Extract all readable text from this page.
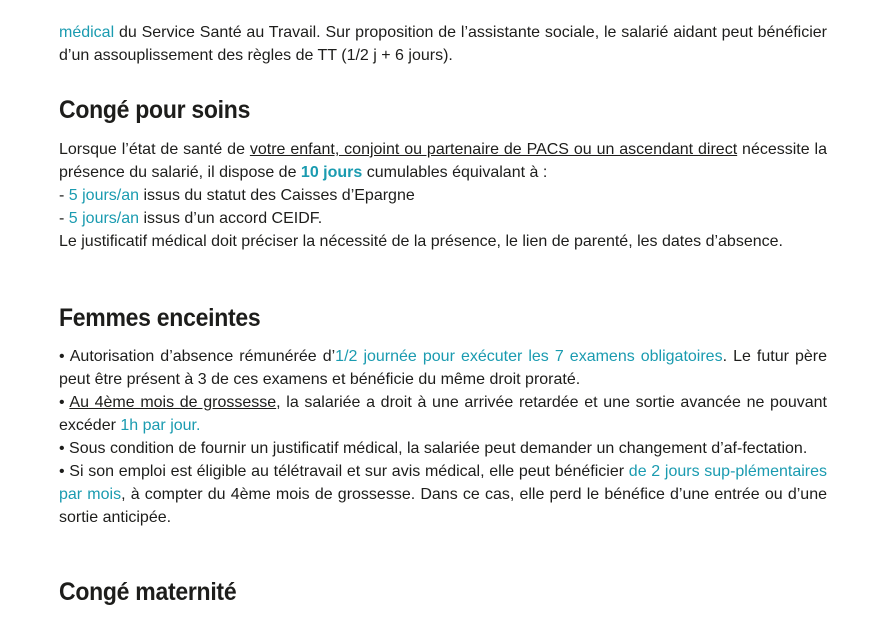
médical du Service Santé au Travail. Sur proposition de l’assistante sociale, le salarié aidant peut bénéficier d’un assouplissement des règles de TT (1/2 j + 6 jours).

Congé pour soins

Lorsque l’état de santé de votre enfant, conjoint ou partenaire de PACS ou un ascendant direct nécessite la présence du salarié, il dispose de 10 jours cumulables équivalant à :

- 5 jours/an issus du statut des Caisses d’Epargne

- 5 jours/an issus d’un accord CEIDF.

Le justificatif médical doit préciser la nécessité de la présence, le lien de parenté, les dates d’absence.

Femmes enceintes

• Autorisation d’absence rémunérée d’1/2 journée pour exécuter les 7 examens obligatoires. Le futur père peut être présent à 3 de ces examens et bénéficie du même droit proraté.

• Au 4ème mois de grossesse, la salariée a droit à une arrivée retardée et une sortie avancée ne pouvant excéder 1h par jour.

• Sous condition de fournir un justificatif médical, la salariée peut demander un changement d’af-fectation.

• Si son emploi est éligible au télétravail et sur avis médical, elle peut bénéficier de 2 jours sup-plémentaires par mois, à compter du 4ème mois de grossesse. Dans ce cas, elle perd le bénéfice d’une entrée ou d’une sortie anticipée.

Congé maternité
